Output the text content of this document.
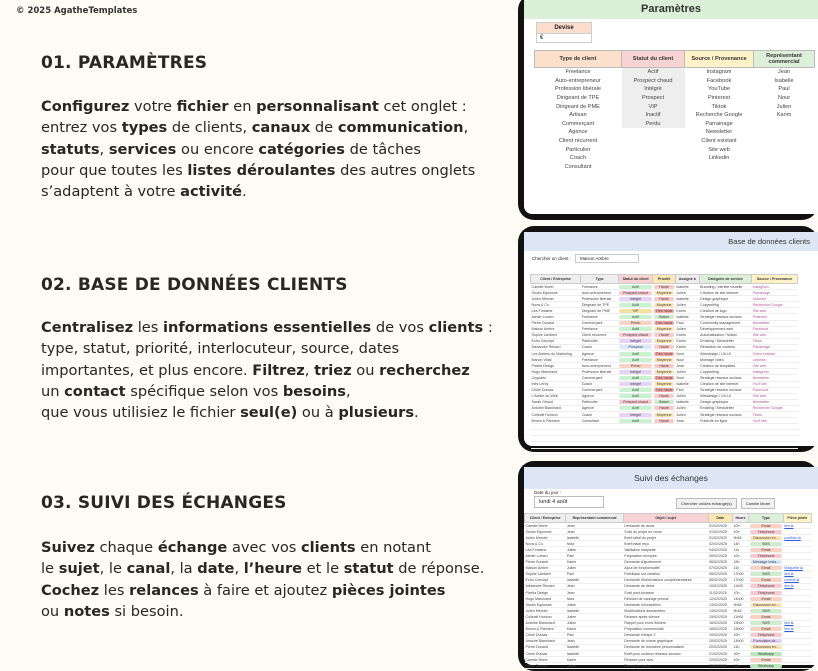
© 2025 AgatheTemplates
01. PARAMÈTRES
Configurez votre fichier en personnalisant cet onglet :
entrez vos types de clients, canaux de communication,
statuts, services ou encore catégories de tâches
pour que toutes les listes déroulantes des autres onglets
s’adaptent à votre activité.
02. BASE DE DONNÉES CLIENTS
Centralisez les informations essentielles de vos clients :
type, statut, priorité, interlocuteur, source, dates
importantes, et plus encore. Filtrez, triez ou recherchez
un contact spécifique selon vos besoins,
que vous utilisiez le fichier seul(e) ou à plusieurs.
03. SUIVI DES ÉCHANGES
Suivez chaque échange avec vos clients en notant
le sujet, le canal, la date, l’heure et le statut de réponse.
Cochez les relances à faire et ajoutez pièces jointes
ou notes si besoin.
Paramètres
Devise
€
Type de client	Statut du client	Source / Provenance	Représentant commercial
Freelance	Actif	Instagram	Jean
Auto-entrepreneur	Prospect chaud	Facebook	Isabelle
Profession libérale	Intégré	YouTube	Paul
Dirigeant de TPE	Prospect	Pinterest	Nour
Dirigeant de PME	VIP	Tiktok	Julien
Artisan	Inactif	Recherche Google	Karim
Commerçant	Perdu	Parrainage	
Agence		Newsletter	
Client récurrent		Client existant	
Particulier		Site web	
Coach		Linkedin	
Consultant			
Base de données clients
Chercher un client :	Maison Ambre
Client / Entreprise	Type	Statut du client	Priorité	Assigné à	Catégorie de service	Source / Provenance
Camille Morel	Freelance	Actif	Haute	Isabelle	Branding / Identité visuelle	Instagram
Studio Equinoxe	Auto-entrepreneur	Prospect chaud	Moyenne	Julien	Création de site internet	Parrainage
Julien Mercier	Profession libérale	Intégré	Haute	Isabelle	Design graphique	Linkedin
Nova & Co	Dirigeant de TPE	Actif	Moyenne	Julien	Copywriting	Recherche Google
Léa Fontaine	Dirigeant de PME	VIP	Très haute	Karim	Création de logo	Site web
Atelier Lumen	Freelance	Actif	Basse	Isabelle	Stratégie réseaux sociaux	Pinterest
Pierre Durand	Commerçant	Perdu	Très haute	Paul	Community management	Newsletter
Maison Ambre	Freelance	Actif	Moyenne	Julien	Développement web	Facebook
Sophie Lambert	Client récurrent	Prospect chaud	Haute	Karim	Automatisation / Notion	Site web
Echo Concept	Particulier	Intégré	Moyenne	Karim	Emailing / Newsletter	Tiktok
Alexandre Renard	Coach	Prospect	Haute	Karim	Rédaction de contenu	Parrainage
Les Ateliers du Marketing	Agence	Actif	Très haute	Nour	Webdesign / UX-UI	Client existant
Manon Vidal	Freelance	Actif	Moyenne	Nour	Montage vidéo	Linkedin
Pixelia Design	Auto-entrepreneur	Perdu	Haute	Jean	Création de templates	Site web
Hugo Marchand	Profession libérale	Intégré	Moyenne	Julien	Copywriting	Instagram
Cryptaris	Commerçant	Actif	Très haute	Nour	Stratégie réseaux sociaux	Newsletter
Inès Leroy	Coach	Intégré	Moyenne	Isabelle	Création de site internet	YouTube
Chloé Dumas	Commerçant	Actif	Très haute	Paul	Stratégie réseaux sociaux	Facebook
L'Atelier du Web	Agence	Actif	Haute	Julien	Webdesign / UX-UI	Site web
Sarah Giraud	Particulier	Prospect chaud	Basse	Isabelle	Design graphique	Newsletter
Antoine Blanchard	Agence	Actif	Haute	Julien	Emailing / Newsletter	Recherche Google
Collectif Horizon	Coach	Intégré	Moyenne	Julien	Stratégie réseaux sociaux	Tiktok
Brown & Partners	Consultant	Actif	Haute	Jean	Publicité en ligne	YouTube

Suivi des échanges
Date du jour :
lundi 4 août	Chercher un/des échange(s)	Camille Morel
Client / Entreprise	Représentant commercial	Objet / sujet	Date	Heure	Type	Pièce jointe
Camille Morel	Jean	Demande de devis	01/02/2025	10h	Email	lien ⧉
Studio Equinoxe	Jean	Suivi du projet en cours	01/02/2025	10h	Téléphone	

Julien Mercier	Isabelle	Brief initial du projet	01/02/2025	9h45	Discussion en...	portfolio ⧉
Nova & Co	Nour	Brief initial reçu	02/02/2025	14h	SMS	

Léa Fontaine	Julien	Validation maquette	04/02/2025	11h	Email	

Atelier Lumen	Paul	Proposition envoyée	05/02/2025	10h	Téléphone	

Pierre Durand	Karim	Demande d'ajustement	06/02/2025	15h	Message Insta...	

Maison Ambre	Julien	Ajout de fonctionnalité	07/02/2025	11h	Email	Maquette ⧉
Sophie Lambert	Paul	Feedback sur création	08/02/2025	17h00	SMS	lien ⧉
Echo Concept	Isabelle	Demande d'informations complémentaires	08/02/2025	17h00	Email	contrat ⧉
Alexandre Renard	Jean	Demande de devis	10/02/2025	11h00	Téléphone	lien ⧉
Pixelia Design	Jean	Suivi post-livraison	11/02/2025	10h	Téléphone	

Hugo Marchand	Nour	Réunion de cadrage prévue	12/02/2025	14h00	Email	

Studio Equinoxe	Julien	Demande d'échantillon	13/02/2025	9h45	Discussion en...	

Julien Mercier	Isabelle	Modifications demandées	14/02/2025	9h45	SMS	

Collectif Horizon	Julien	Relance après silence	15/02/2025	11h00	Email	

Antoine Blanchard	Julien	Rappel pour envoi fichiers	16/02/2025	15h00	SMS	lien ⧉
Brown & Partners	Karim	Proposition commerciale	18/02/2025	15h00	Email	lien ⧉
Chloé Dumas	Paul	Demande d'étape 2	19/02/2025	10h	Téléphone	

Antoine Blanchard	Jean	Demande de charte graphique	20/02/2025	14h00	Formulaire de...	

Pierre Durand	Isabelle	Demande de formation personnalisée	20/02/2025	14h	Discussion en...	

Chloé Dumas	Isabelle	Brief pour contenu réseaux sociaux	21/02/2025	10h	Whatsapp	

Camille Morel	Karim	Relance pour avis	22/02/2025	10h	Email	

Chloé Dumas	Julien	Réception devis	23/02/2025	15h	Whatsapp	
